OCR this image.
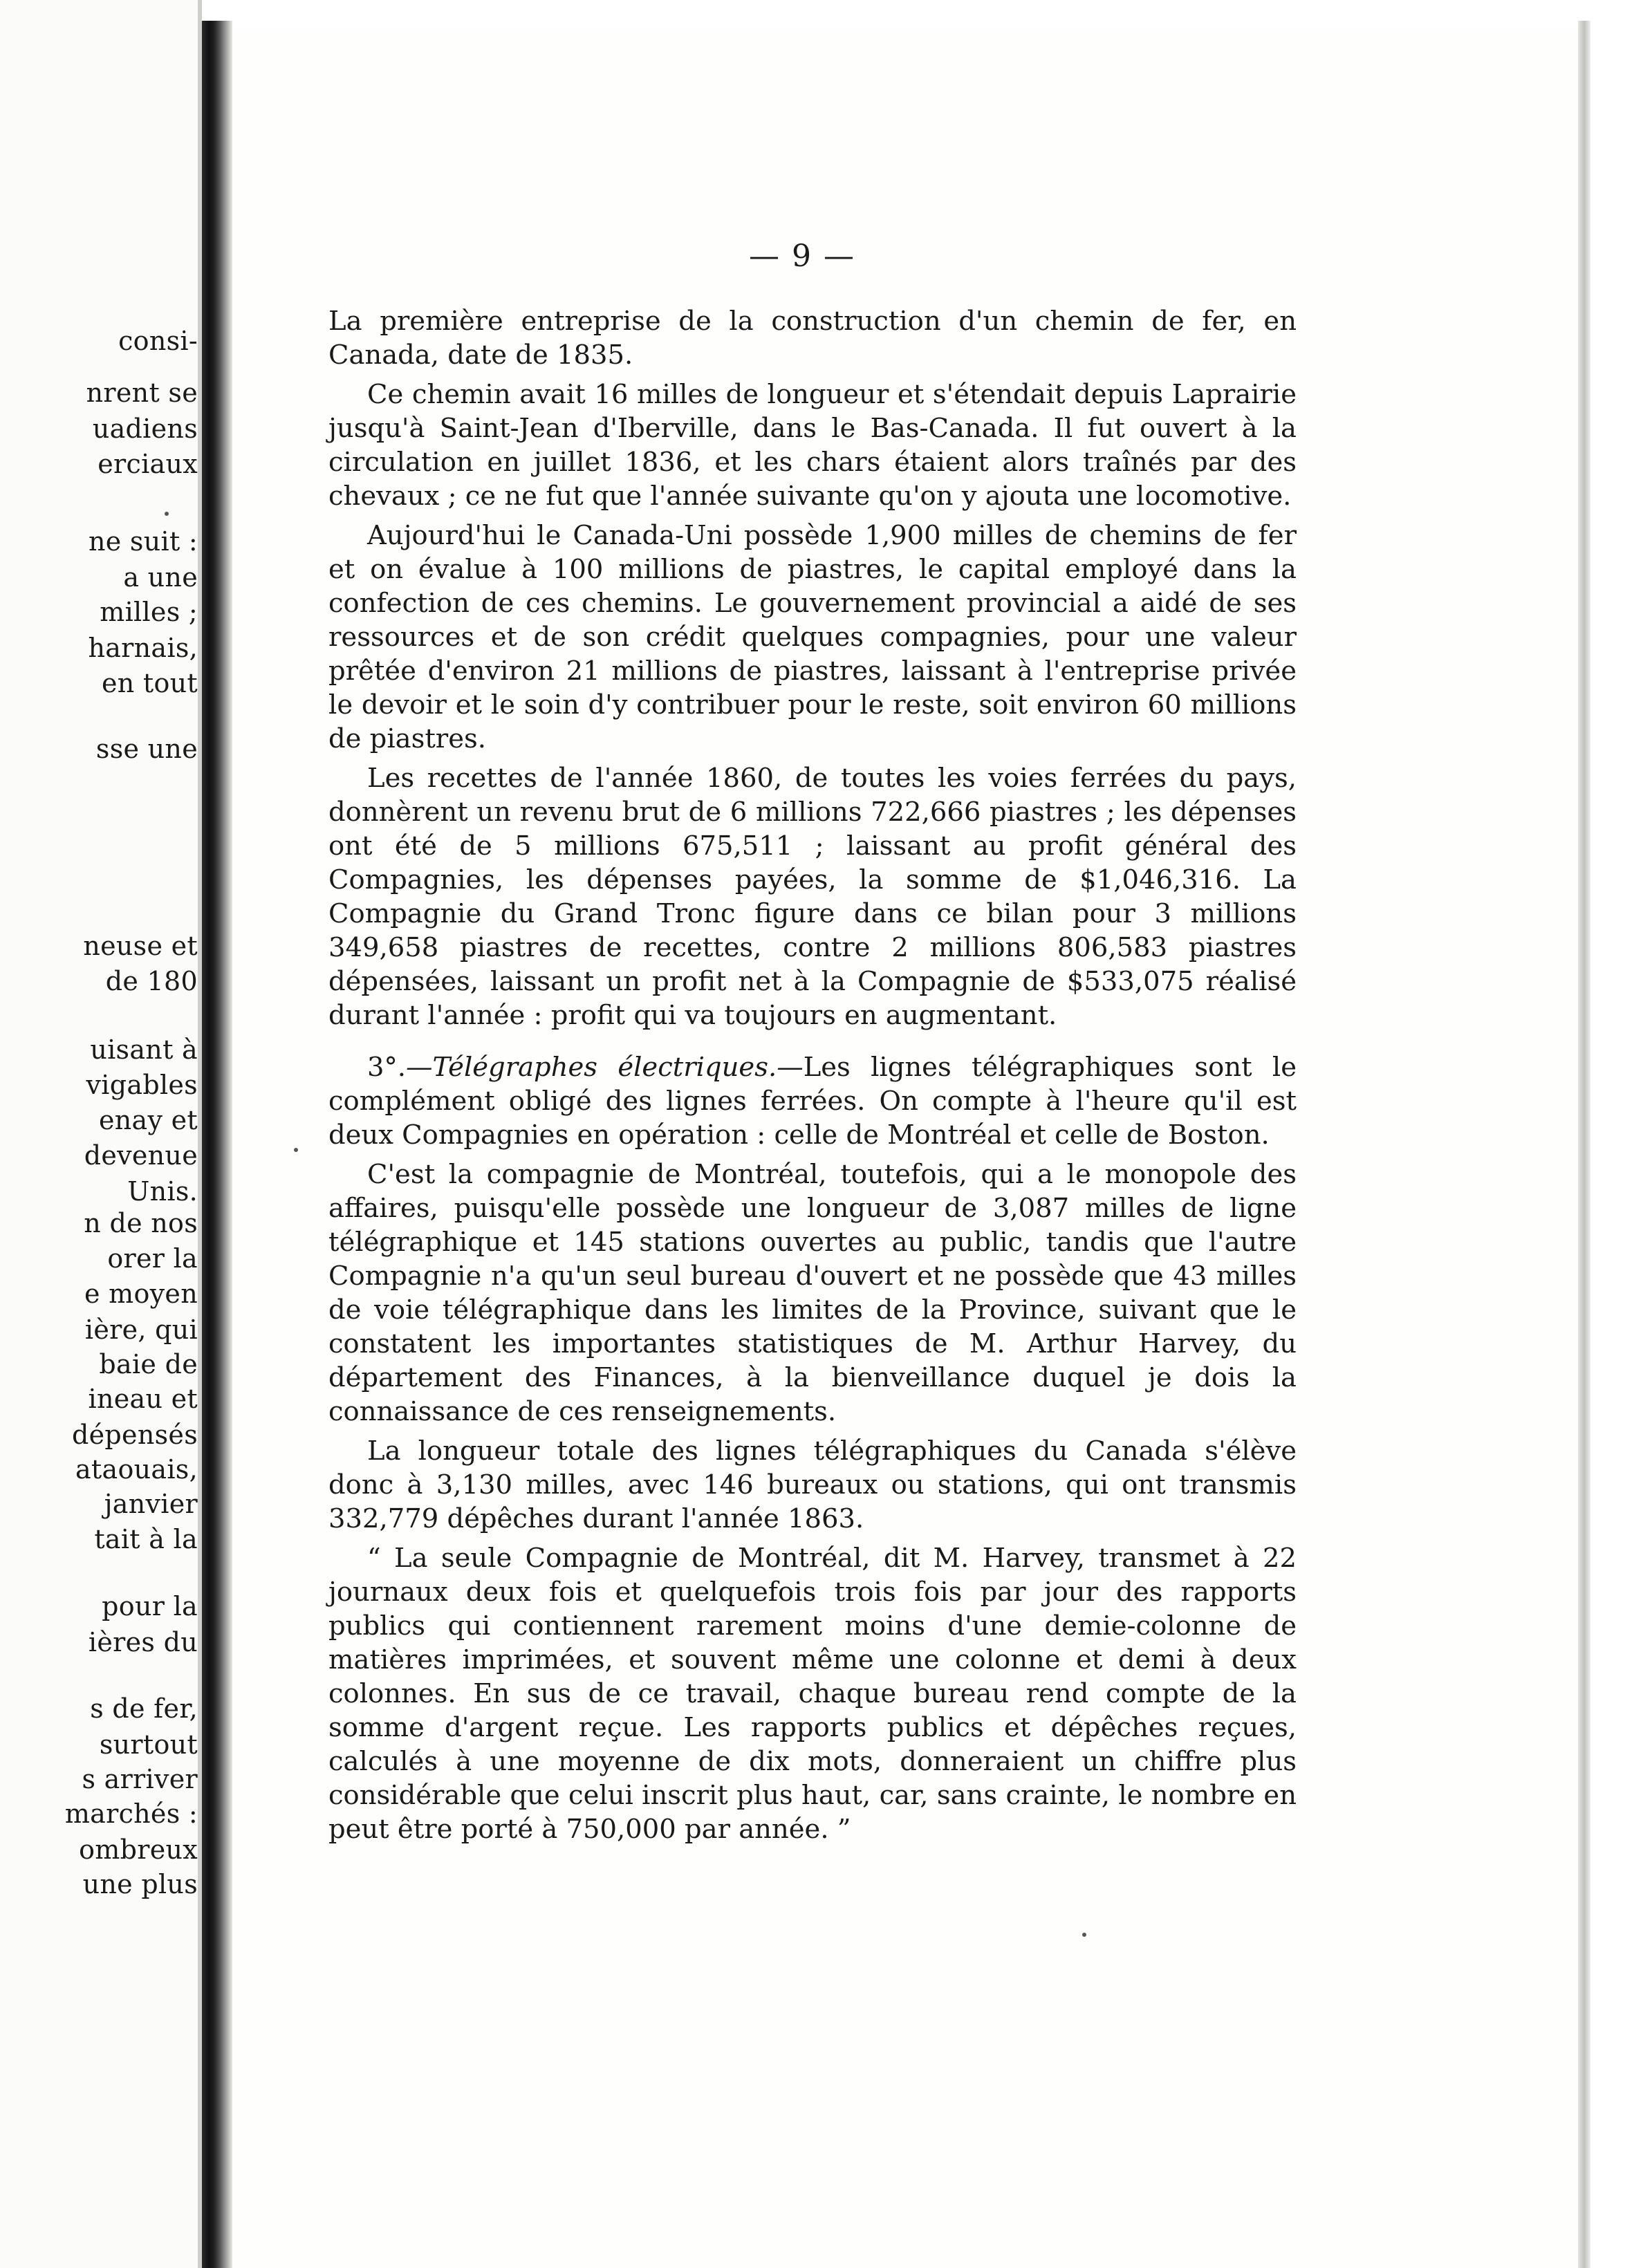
consi-
nrent se
uadiens
erciaux
ne suit :
a une
milles ;
harnais,
en tout
sse une
neuse et
de 180
uisant à
vigables
enay et
devenue
Unis.
n de nos
orer la
e moyen
ière, qui
baie de
ineau et
dépensés
ataouais,
janvier
tait à la
pour la
ières du
s de fer,
surtout
s arriver
marchés :
ombreux
une plus
— 9 —

La première entreprise de la construction d'un chemin de fer, en Canada, date de 1835.

Ce chemin avait 16 milles de longueur et s'étendait depuis Laprairie jusqu'à Saint-Jean d'Iberville, dans le Bas-Canada. Il fut ouvert à la circulation en juillet 1836, et les chars étaient alors traînés par des chevaux ; ce ne fut que l'année suivante qu'on y ajouta une locomotive.

Aujourd'hui le Canada-Uni possède 1,900 milles de chemins de fer et on évalue à 100 millions de piastres, le capital employé dans la confection de ces chemins. Le gouvernement provincial a aidé de ses ressources et de son crédit quelques compagnies, pour une valeur prêtée d'environ 21 millions de piastres, laissant à l'entreprise privée le devoir et le soin d'y contribuer pour le reste, soit environ 60 millions de piastres.

Les recettes de l'année 1860, de toutes les voies ferrées du pays, donnèrent un revenu brut de 6 millions 722,666 piastres ; les dépenses ont été de 5 millions 675,511 ; laissant au profit général des Compagnies, les dépenses payées, la somme de $1,046,316. La Compagnie du Grand Tronc figure dans ce bilan pour 3 millions 349,658 piastres de recettes, contre 2 millions 806,583 piastres dépensées, laissant un profit net à la Compagnie de $533,075 réalisé durant l'année : profit qui va toujours en augmentant.

3°.—Télégraphes électriques.—Les lignes télégraphiques sont le complément obligé des lignes ferrées. On compte à l'heure qu'il est deux Compagnies en opération : celle de Montréal et celle de Boston.

C'est la compagnie de Montréal, toutefois, qui a le monopole des affaires, puisqu'elle possède une longueur de 3,087 milles de ligne télégraphique et 145 stations ouvertes au public, tandis que l'autre Compagnie n'a qu'un seul bureau d'ouvert et ne possède que 43 milles de voie télégraphique dans les limites de la Province, suivant que le constatent les importantes statistiques de M. Arthur Harvey, du département des Finances, à la bienveillance duquel je dois la connaissance de ces renseignements.

La longueur totale des lignes télégraphiques du Canada s'élève donc à 3,130 milles, avec 146 bureaux ou stations, qui ont transmis 332,779 dépêches durant l'année 1863.

“ La seule Compagnie de Montréal, dit M. Harvey, transmet à 22 journaux deux fois et quelquefois trois fois par jour des rapports publics qui contiennent rarement moins d'une demie-colonne de matières imprimées, et souvent même une colonne et demi à deux colonnes. En sus de ce travail, chaque bureau rend compte de la somme d'argent reçue. Les rapports publics et dépêches reçues, calculés à une moyenne de dix mots, donneraient un chiffre plus considérable que celui inscrit plus haut, car, sans crainte, le nombre en peut être porté à 750,000 par année. ”
